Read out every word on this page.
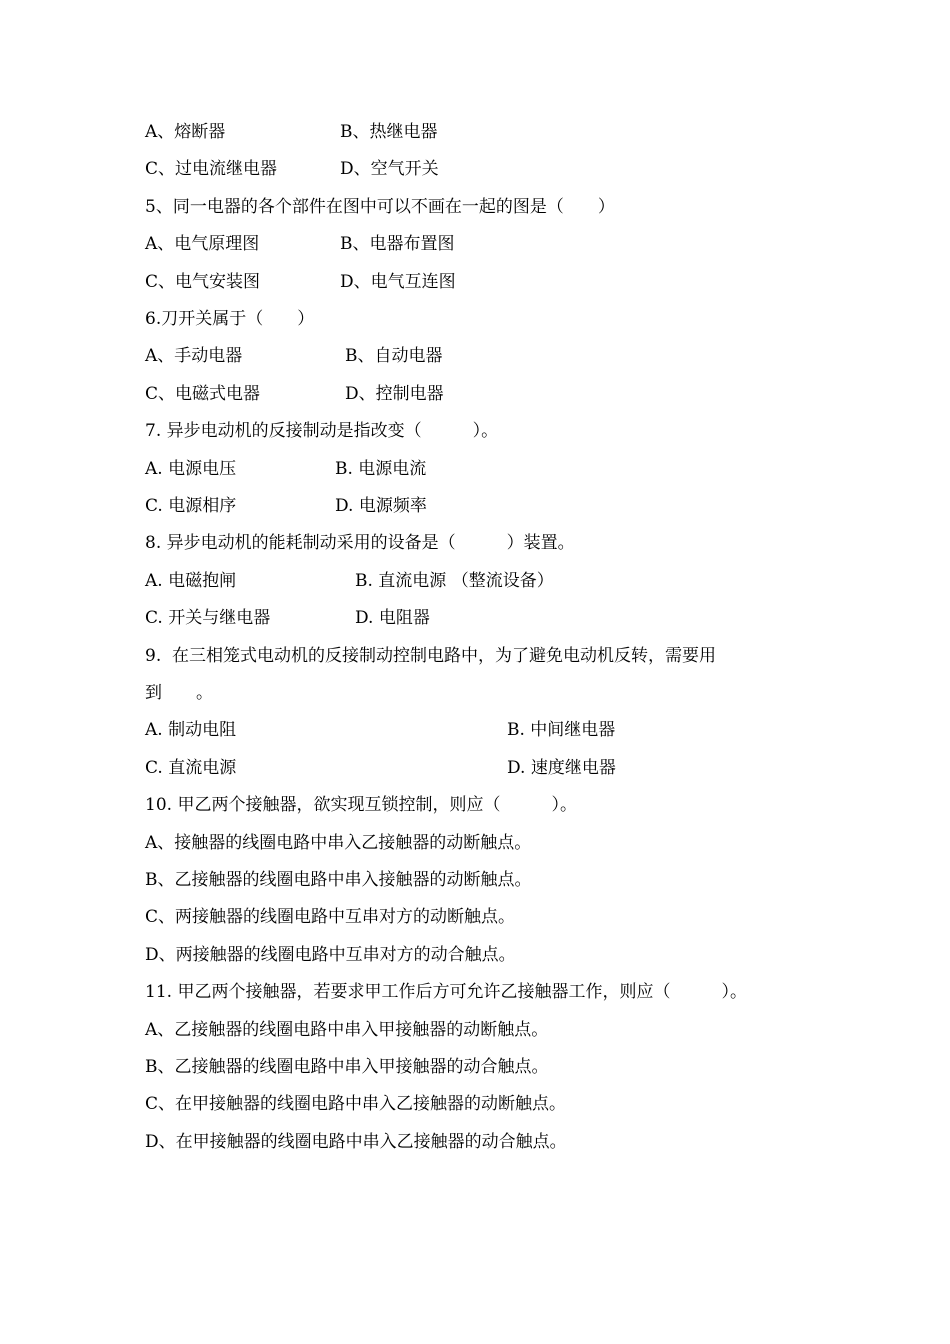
A、熔断器	B、热继电器
C、过电流继电器	D、空气开关
5、同一电器的各个部件在图中可以不画在一起的图是（　　）
A、电气原理图	B、电器布置图
C、电气安装图	D、电气互连图
6.刀开关属于（　　）
A、手动电器	B、自动电器
C、电磁式电器	D、控制电器
7. 异步电动机的反接制动是指改变（　　　）。
A. 电源电压	B. 电源电流
C. 电源相序	D. 电源频率
8. 异步电动机的能耗制动采用的设备是（　　　）装置。
A. 电磁抱闸	B. 直流电源 （整流设备）
C. 开关与继电器	D. 电阻器
9.  在三相笼式电动机的反接制动控制电路中，为了避免电动机反转，需要用
到　　。
A. 制动电阻	B. 中间继电器
C. 直流电源	D. 速度继电器
10. 甲乙两个接触器，欲实现互锁控制，则应（　　　）。
A、接触器的线圈电路中串入乙接触器的动断触点。
B、乙接触器的线圈电路中串入接触器的动断触点。
C、两接触器的线圈电路中互串对方的动断触点。
D、两接触器的线圈电路中互串对方的动合触点。
11. 甲乙两个接触器，若要求甲工作后方可允许乙接触器工作，则应（　　　）。
A、乙接触器的线圈电路中串入甲接触器的动断触点。
B、乙接触器的线圈电路中串入甲接触器的动合触点。
C、在甲接触器的线圈电路中串入乙接触器的动断触点。
D、在甲接触器的线圈电路中串入乙接触器的动合触点。
